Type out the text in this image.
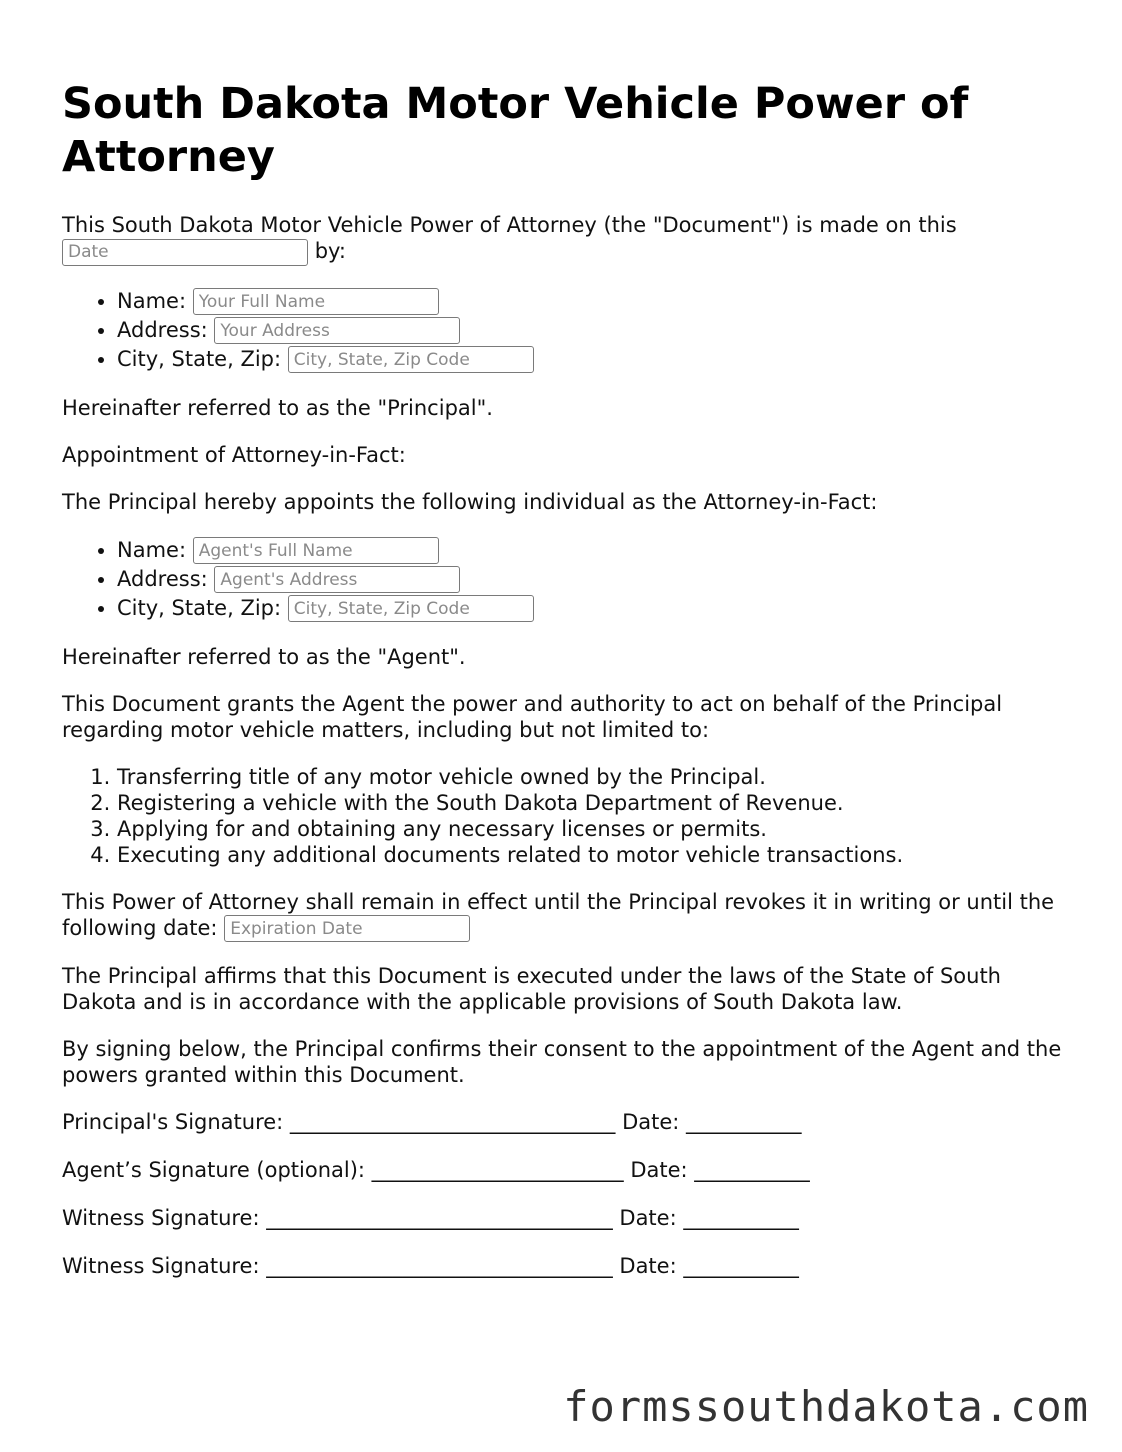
South Dakota Motor Vehicle Power of Attorney

This South Dakota Motor Vehicle Power of Attorney (the "Document") is made on this
Date by:

• Name: Your Full Name
• Address: Your Address
• City, State, Zip: City, State, Zip Code

Hereinafter referred to as the "Principal".

Appointment of Attorney-in-Fact:

The Principal hereby appoints the following individual as the Attorney-in-Fact:

• Name: Agent's Full Name
• Address: Agent's Address
• City, State, Zip: City, State, Zip Code

Hereinafter referred to as the "Agent".

This Document grants the Agent the power and authority to act on behalf of the Principal regarding motor vehicle matters, including but not limited to:

1. Transferring title of any motor vehicle owned by the Principal.
2. Registering a vehicle with the South Dakota Department of Revenue.
3. Applying for and obtaining any necessary licenses or permits.
4. Executing any additional documents related to motor vehicle transactions.

This Power of Attorney shall remain in effect until the Principal revokes it in writing or until the following date: Expiration Date

The Principal affirms that this Document is executed under the laws of the State of South Dakota and is in accordance with the applicable provisions of South Dakota law.

By signing below, the Principal confirms their consent to the appointment of the Agent and the powers granted within this Document.

Principal's Signature: _______________________________ Date: ___________

Agent’s Signature (optional): ________________________ Date: ___________

Witness Signature: _________________________________ Date: ___________

Witness Signature: _________________________________ Date: ___________

formssouthdakota.com
